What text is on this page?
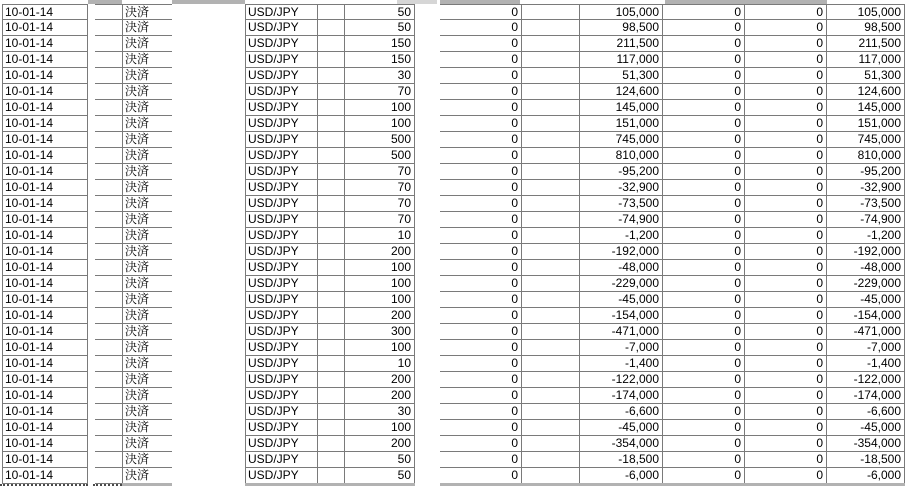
10-01-14	決済	USD/JPY	50	0	105,000	0	0	105,000
10-01-14	決済	USD/JPY	50	0	98,500	0	0	98,500
10-01-14	決済	USD/JPY	150	0	211,500	0	0	211,500
10-01-14	決済	USD/JPY	150	0	117,000	0	0	117,000
10-01-14	決済	USD/JPY	30	0	51,300	0	0	51,300
10-01-14	決済	USD/JPY	70	0	124,600	0	0	124,600
10-01-14	決済	USD/JPY	100	0	145,000	0	0	145,000
10-01-14	決済	USD/JPY	100	0	151,000	0	0	151,000
10-01-14	決済	USD/JPY	500	0	745,000	0	0	745,000
10-01-14	決済	USD/JPY	500	0	810,000	0	0	810,000
10-01-14	決済	USD/JPY	70	0	-95,200	0	0	-95,200
10-01-14	決済	USD/JPY	70	0	-32,900	0	0	-32,900
10-01-14	決済	USD/JPY	70	0	-73,500	0	0	-73,500
10-01-14	決済	USD/JPY	70	0	-74,900	0	0	-74,900
10-01-14	決済	USD/JPY	10	0	-1,200	0	0	-1,200
10-01-14	決済	USD/JPY	200	0	-192,000	0	0	-192,000
10-01-14	決済	USD/JPY	100	0	-48,000	0	0	-48,000
10-01-14	決済	USD/JPY	100	0	-229,000	0	0	-229,000
10-01-14	決済	USD/JPY	100	0	-45,000	0	0	-45,000
10-01-14	決済	USD/JPY	200	0	-154,000	0	0	-154,000
10-01-14	決済	USD/JPY	300	0	-471,000	0	0	-471,000
10-01-14	決済	USD/JPY	100	0	-7,000	0	0	-7,000
10-01-14	決済	USD/JPY	10	0	-1,400	0	0	-1,400
10-01-14	決済	USD/JPY	200	0	-122,000	0	0	-122,000
10-01-14	決済	USD/JPY	200	0	-174,000	0	0	-174,000
10-01-14	決済	USD/JPY	30	0	-6,600	0	0	-6,600
10-01-14	決済	USD/JPY	100	0	-45,000	0	0	-45,000
10-01-14	決済	USD/JPY	200	0	-354,000	0	0	-354,000
10-01-14	決済	USD/JPY	50	0	-18,500	0	0	-18,500
10-01-14	決済	USD/JPY	50	0	-6,000	0	0	-6,000
